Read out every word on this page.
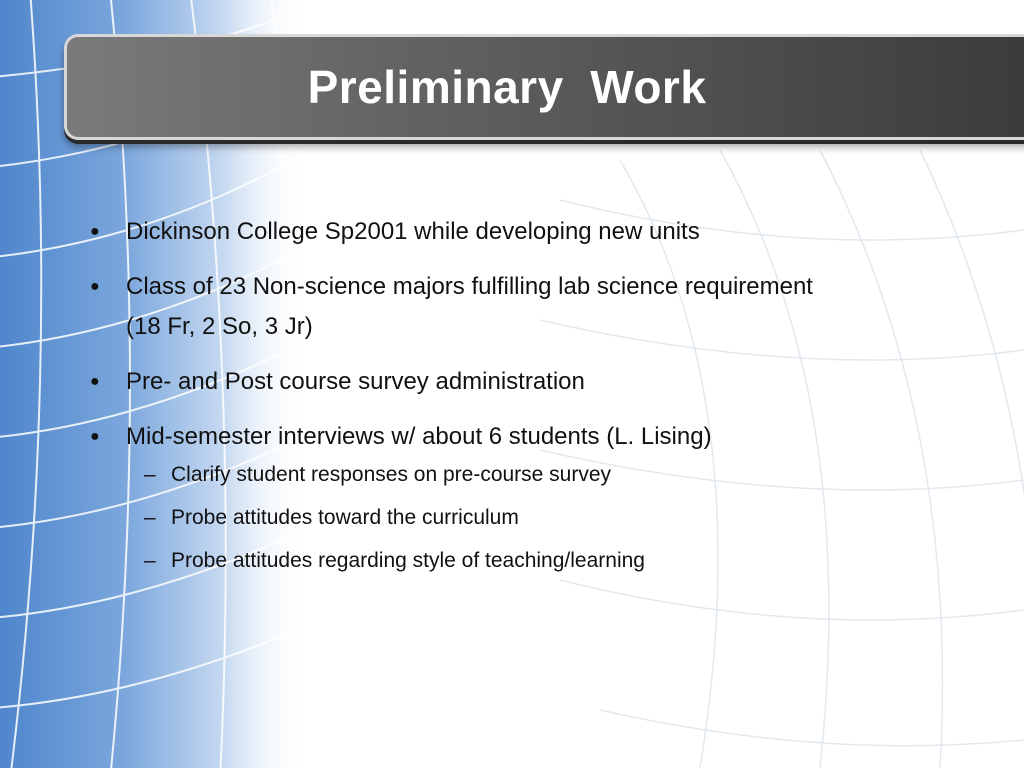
Preliminary  Work
●	Dickinson College Sp2001 while developing new units
●	Class of 23 Non-science majors fulfilling lab science requirement (18 Fr, 2 So, 3 Jr)
●	Pre- and Post course survey administration
●	Mid-semester interviews w/ about 6 students (L. Lising)
– Clarify student responses on pre-course survey
– Probe attitudes toward the curriculum
– Probe attitudes regarding style of teaching/learning
